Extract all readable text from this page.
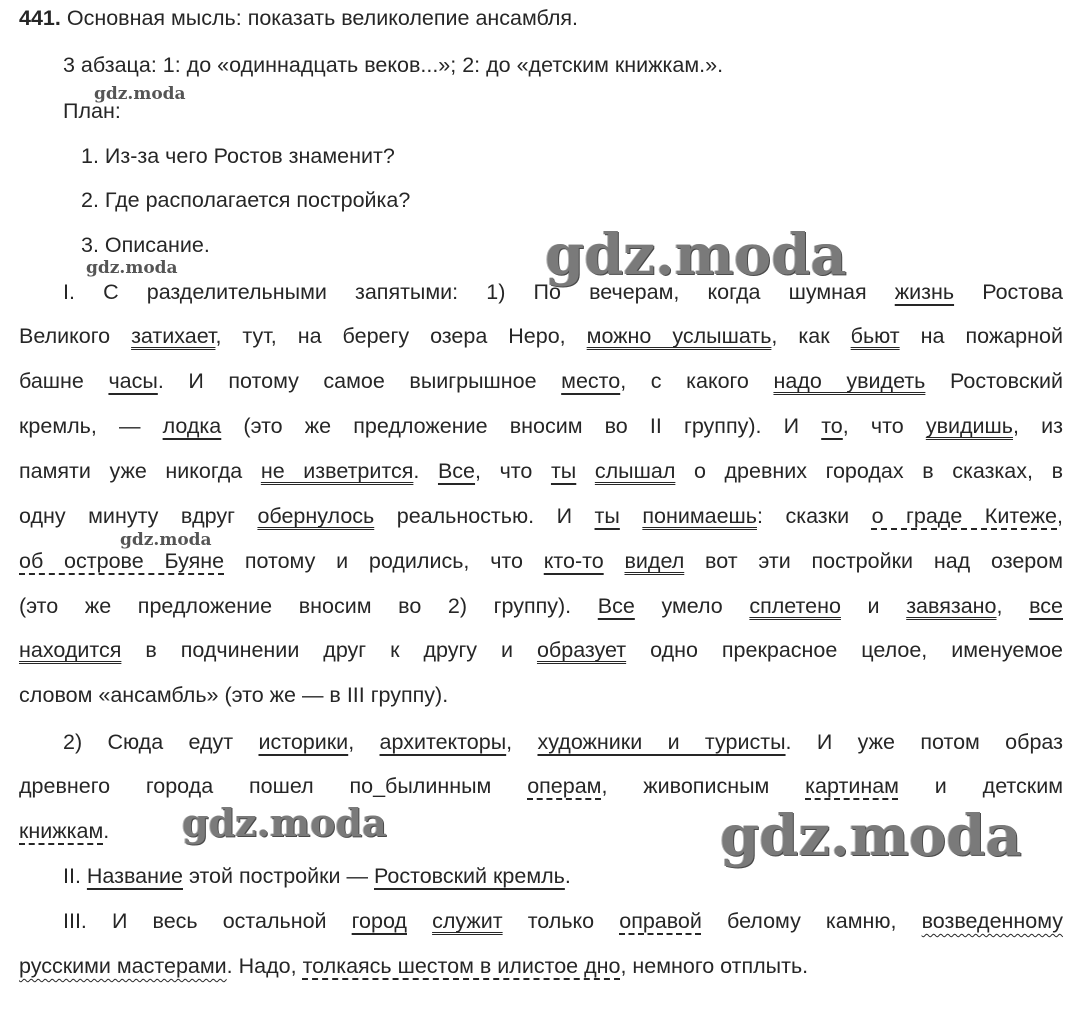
441. Основная мысль: показать великолепие ансамбля.
3 абзаца: 1: до «одиннадцать веков...»; 2: до «детским книжкам.».
План:
1. Из-за чего Ростов знаменит?
2. Где располагается постройка?
3. Описание.
I. С разделительными запятыми: 1) По вечерам, когда шумная жизнь Ростова
Великого затихает, тут, на берегу озера Неро, можно услышать, как бьют на пожарной
башне часы. И потому самое выигрышное место, с какого надо увидеть Ростовский
кремль, — лодка (это же предложение вносим во II группу). И то, что увидишь, из
памяти уже никогда не изветрится. Все, что ты слышал о древних городах в сказках, в
одну минуту вдруг обернулось реальностью. И ты понимаешь: сказки о граде Китеже,
об острове Буяне потому и родились, что кто-то видел вот эти постройки над озером
(это же предложение вносим во 2) группу). Все умело сплетено и завязано, все
находится в подчинении друг к другу и образует одно прекрасное целое, именуемое
словом «ансамбль» (это же — в III группу).
2) Сюда едут историки, архитекторы, художники и туристы. И уже потом образ
древнего города пошел по_былинным операм, живописным картинам и детским
книжкам.
II. Название этой постройки — Ростовский кремль.
III. И весь остальной город служит только оправой белому камню, возведенному
русскими мастерами. Надо, толкаясь шестом в илистое дно, немного отплыть.
gdz.moda
gdz.moda
gdz.moda
gdz.moda
gdz.moda	gdz.moda
